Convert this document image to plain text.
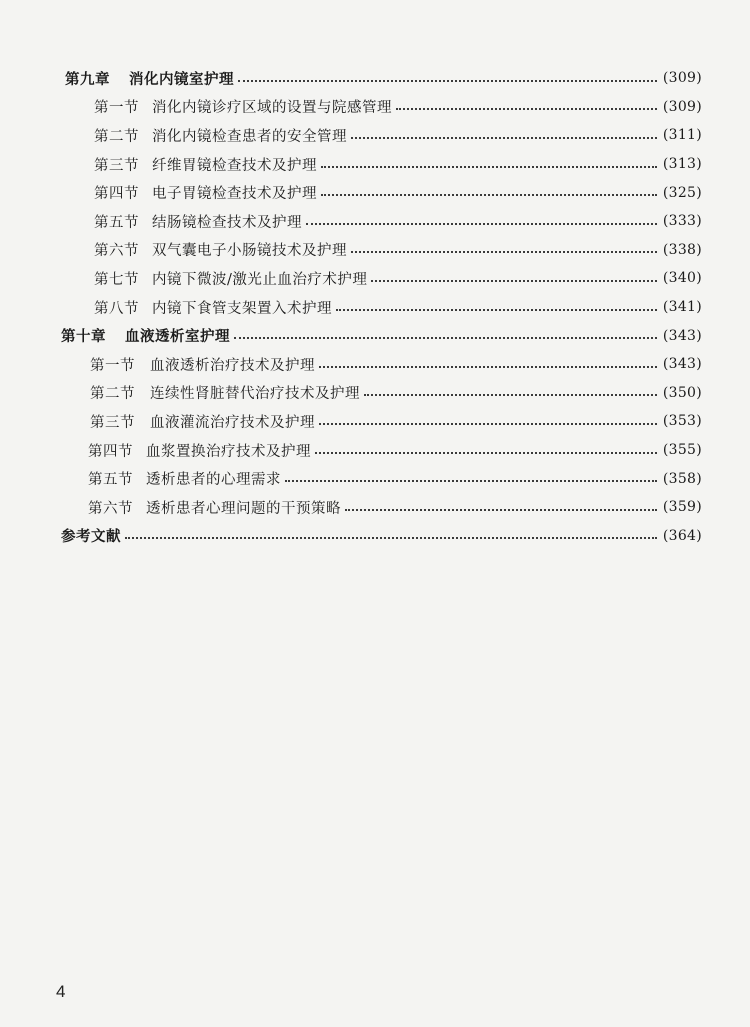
第九章	消化内镜室护理	(309)
第一节 消化内镜诊疗区域的设置与院感管理	(309)
第二节 消化内镜检查患者的安全管理	(311)
第三节 纤维胃镜检查技术及护理	(313)
第四节 电子胃镜检查技术及护理	(325)
第五节 结肠镜检查技术及护理	(333)
第六节 双气囊电子小肠镜技术及护理	(338)
第七节 内镜下微波/激光止血治疗术护理	(340)
第八节 内镜下食管支架置入术护理	(341)
第十章	血液透析室护理	(343)
第一节	血液透析治疗技术及护理	(343)
第二节	连续性肾脏替代治疗技术及护理	(350)
第三节	血液灌流治疗技术及护理	(353)
第四节 血浆置换治疗技术及护理	(355)
第五节 透析患者的心理需求	(358)
第六节 透析患者心理问题的干预策略	(359)
参考文献	(364)
4
